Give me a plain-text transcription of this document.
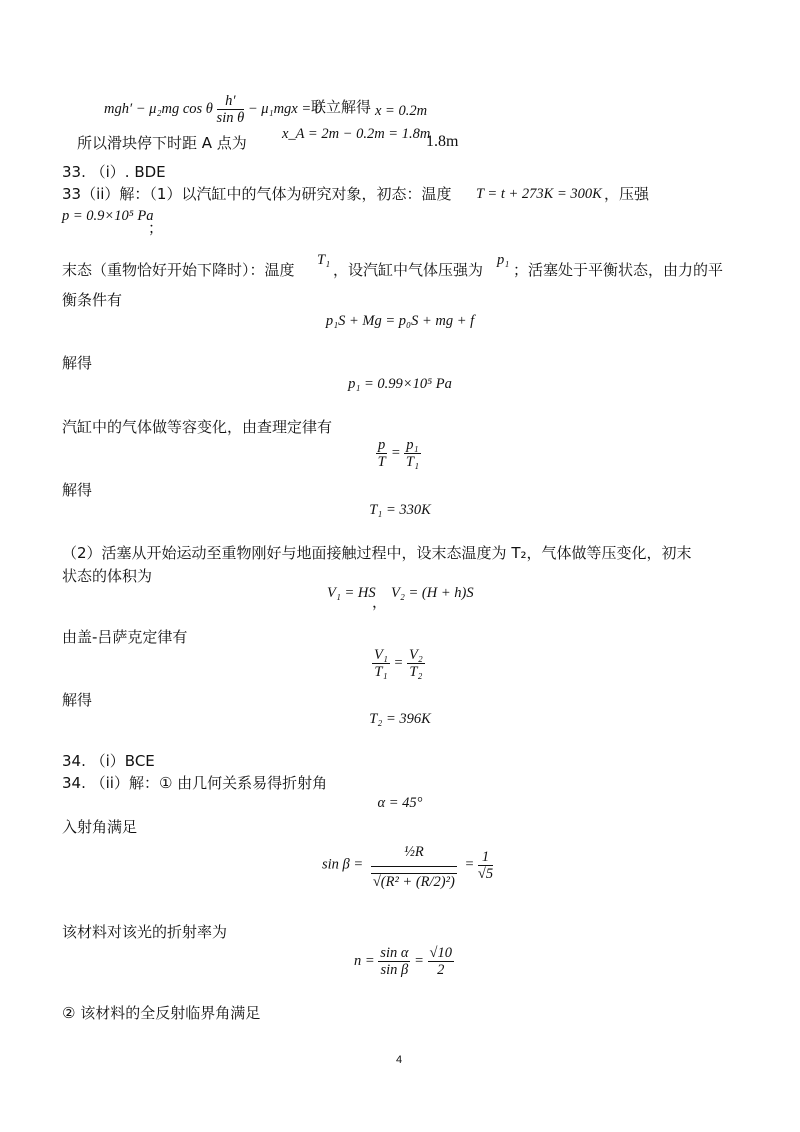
mgh′ − μ₂mg cos θ $\frac{h'}{\text{sin θ}} - \mu_1mgx = 0$
联立解得 x = 0.2m
所以滑块停下时距 A 点为 x_A = 2m − 0.2m = 1.8m
1.8m
33. （i）. BDE
33（ii）解：（1）以汽缸中的气体为研究对象，初态：温度 T = t + 273K = 300K ，压强
p = 0.9×10⁵ Pa
；
末态（重物恰好开始下降时）：温度
T₁
，设汽缸中气体压强为
p₁
；活塞处于平衡状态，由力的平
衡条件有
p₁S + Mg = p₀S + mg + f
解得
p₁ = 0.99×10⁵ Pa
汽缸中的气体做等容变化，由查理定律有
$\frac{p}{T} = \frac{\text{p₁}}{\text{T₁}}$
解得
T₁ = 330K
（2）活塞从开始运动至重物刚好与地面接触过程中，设末态温度为 T₂，气体做等压变化，初末
状态的体积为
V₁ = HS
， V₂ = (H + h)S
由盖-吕萨克定律有
$\frac{\text{V₁}}{\text{T₁}} = \frac{\text{V₂}}{\text{T₂}}$
解得
T₂ = 396K
34. （i）BCE
34. （ii）解：① 由几何关系易得折射角
α = 45°
入射角满足
$\sin \beta = \frac{\text{½R}}{\text{√(R² + (R/2)²)}} = \frac{1}{√5}$
该材料对该光的折射率为
$n = \frac{\text{sin α}}{\text{sin β}} = \frac{√10}{2}$
② 该材料的全反射临界角满足
4
